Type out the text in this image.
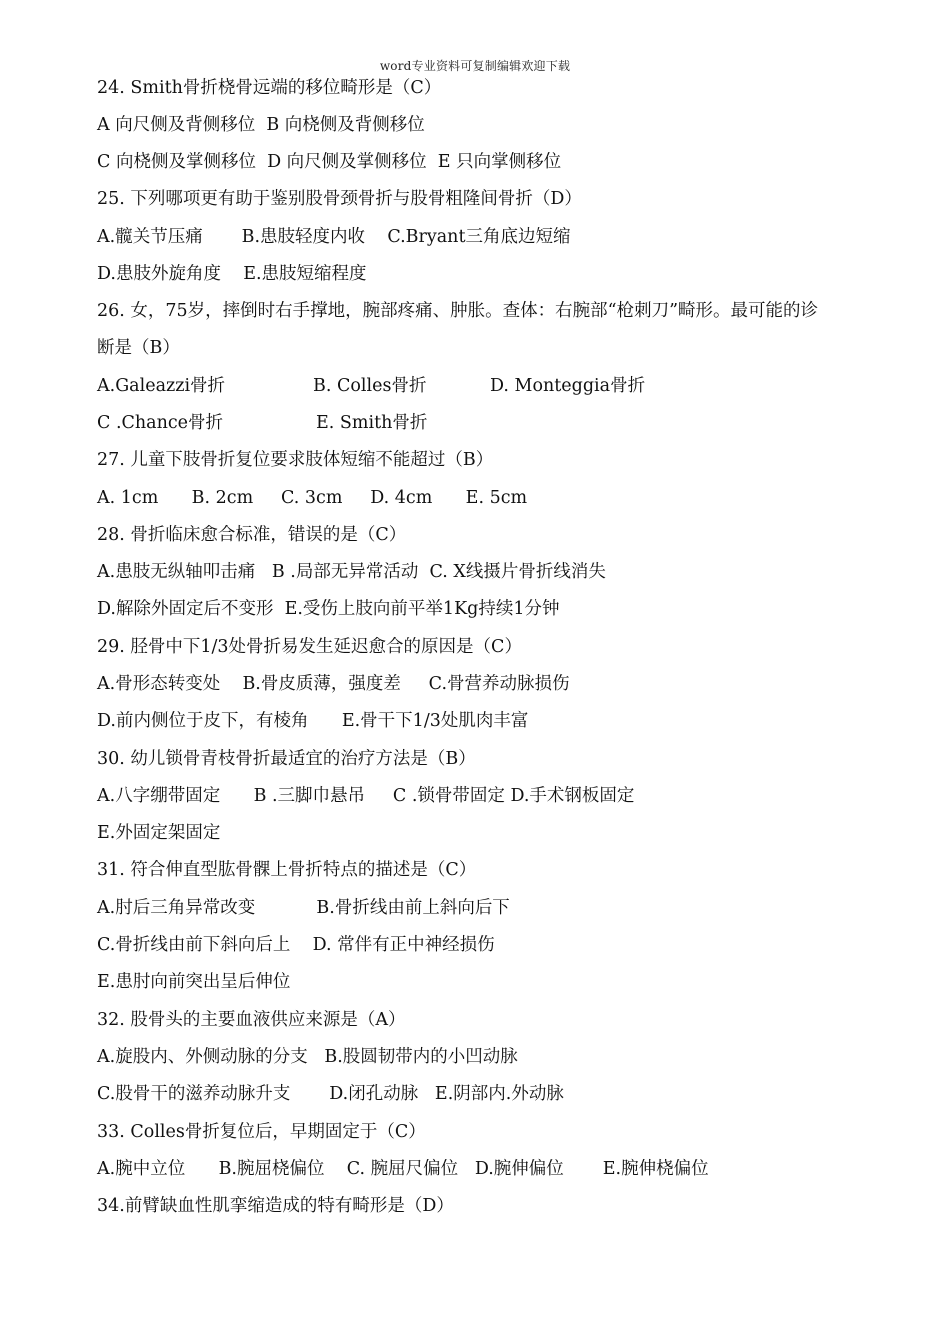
word专业资料可复制编辑欢迎下载
24. Smith骨折桡骨远端的移位畸形是（C）
A 向尺侧及背侧移位  B 向桡侧及背侧移位
C 向桡侧及掌侧移位  D 向尺侧及掌侧移位  E 只向掌侧移位
25. 下列哪项更有助于鉴别股骨颈骨折与股骨粗隆间骨折（D）
A.髋关节压痛       B.患肢轻度内收    C.Bryant三角底边短缩
D.患肢外旋角度    E.患肢短缩程度
26. 女，75岁，摔倒时右手撑地，腕部疼痛、肿胀。查体：右腕部“枪刺刀”畸形。最可能的诊
断是（B）
A.Galeazzi骨折	B. Colles骨折	D. Monteggia骨折
C .Chance骨折	E. Smith骨折
27. 儿童下肢骨折复位要求肢体短缩不能超过（B）
A. 1cm      B. 2cm     C. 3cm     D. 4cm      E. 5cm
28. 骨折临床愈合标准，错误的是（C）
A.患肢无纵轴叩击痛   B .局部无异常活动  C. X线摄片骨折线消失
D.解除外固定后不变形  E.受伤上肢向前平举1Kg持续1分钟
29. 胫骨中下1/3处骨折易发生延迟愈合的原因是（C）
A.骨形态转变处    B.骨皮质薄，强度差     C.骨营养动脉损伤
D.前内侧位于皮下，有棱角      E.骨干下1/3处肌肉丰富
30. 幼儿锁骨青枝骨折最适宜的治疗方法是（B）
A.八字绷带固定      B .三脚巾悬吊     C .锁骨带固定 D.手术钢板固定
E.外固定架固定
31. 符合伸直型肱骨髁上骨折特点的描述是（C）
A.肘后三角异常改变           B.骨折线由前上斜向后下
C.骨折线由前下斜向后上    D. 常伴有正中神经损伤
E.患肘向前突出呈后伸位
32. 股骨头的主要血液供应来源是（A）
A.旋股内、外侧动脉的分支   B.股圆韧带内的小凹动脉
C.股骨干的滋养动脉升支       D.闭孔动脉   E.阴部内.外动脉
33. Colles骨折复位后，早期固定于（C）
A.腕中立位      B.腕屈桡偏位    C. 腕屈尺偏位   D.腕伸偏位       E.腕伸桡偏位
34.前臂缺血性肌挛缩造成的特有畸形是（D）
